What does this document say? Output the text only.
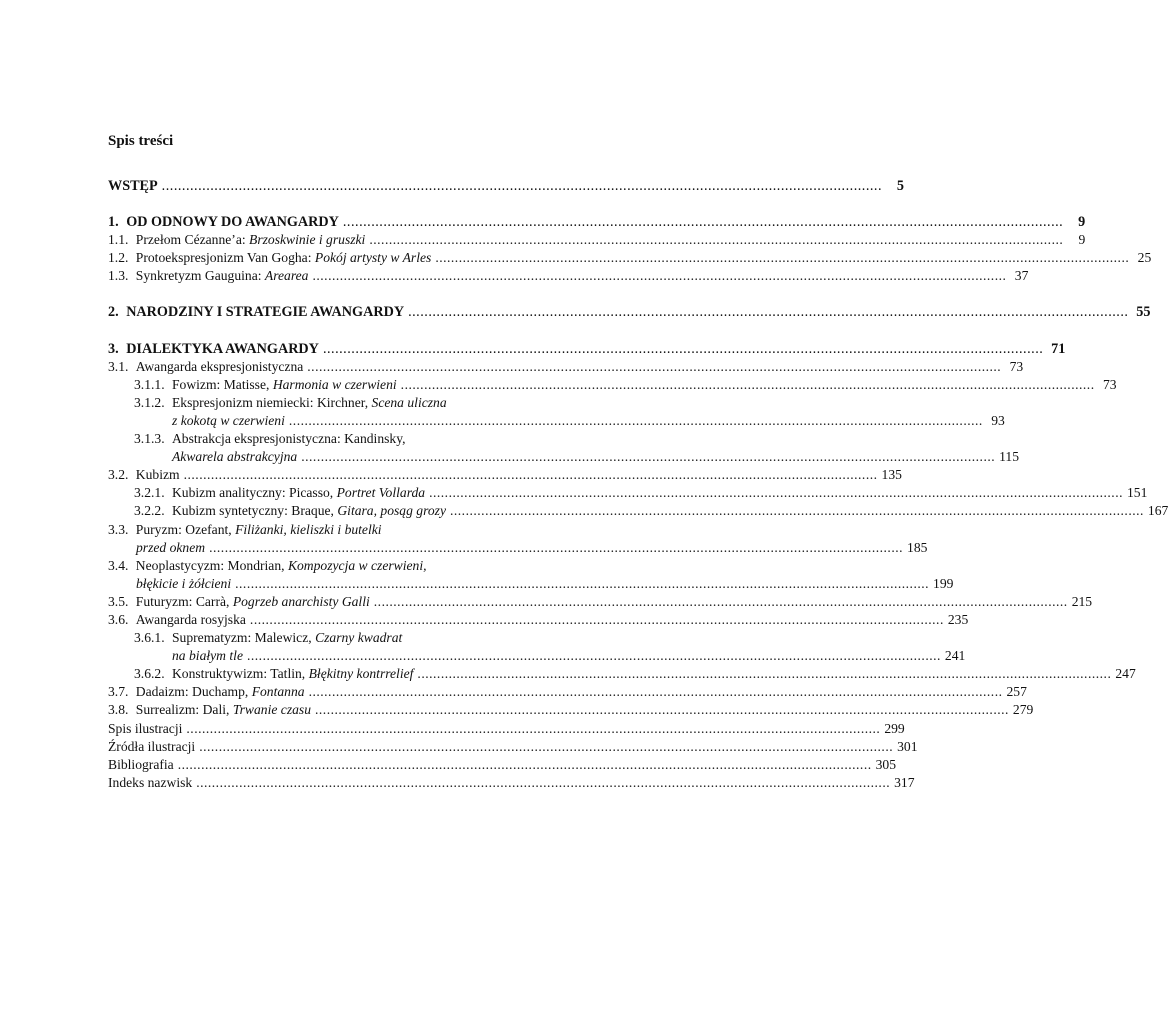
Spis treści
WSTĘP .....	5
1. OD ODNOWY DO AWANGARDY .....	9
1.1. Przełom Cézanne’a: Brzoskwinie i gruszki .....	9
1.2. Protoekspresjonizm Van Gogha: Pokój artysty w Arles .....	25
1.3. Synkretyzm Gauguina: Arearea .....	37
2. NARODZINY I STRATEGIE AWANGARDY .....	55
3. DIALEKTYKA AWANGARDY .....	71
3.1. Awangarda ekspresjonistyczna .....	73
3.1.1. Fowizm: Matisse, Harmonia w czerwieni .....	73
3.1.2. Ekspresjonizm niemiecki: Kirchner, Scena uliczna
z kokotą w czerwieni .....	93
3.1.3. Abstrakcja ekspresjonistyczna: Kandinsky,
Akwarela abstrakcyjna .....	115
3.2. Kubizm .....	135
3.2.1. Kubizm analityczny: Picasso, Portret Vollarda .....	151
3.2.2. Kubizm syntetyczny: Braque, Gitara, posąg grozy .....	167
3.3. Puryzm: Ozefant, Filiżanki, kieliszki i butelki
przed oknem .....	185
3.4. Neoplastycyzm: Mondrian, Kompozycja w czerwieni,
błękicie i żółcieni .....	199
3.5. Futuryzm: Carrà, Pogrzeb anarchisty Galli .....	215
3.6. Awangarda rosyjska .....	235
3.6.1. Suprematyzm: Malewicz, Czarny kwadrat
na białym tle .....	241
3.6.2. Konstruktywizm: Tatlin, Błękitny kontrrelief .....	247
3.7. Dadaizm: Duchamp, Fontanna .....	257
3.8. Surrealizm: Dali, Trwanie czasu .....	279
Spis ilustracji .....	299
Źródła ilustracji .....	301
Bibliografia .....	305
Indeks nazwisk .....	317
